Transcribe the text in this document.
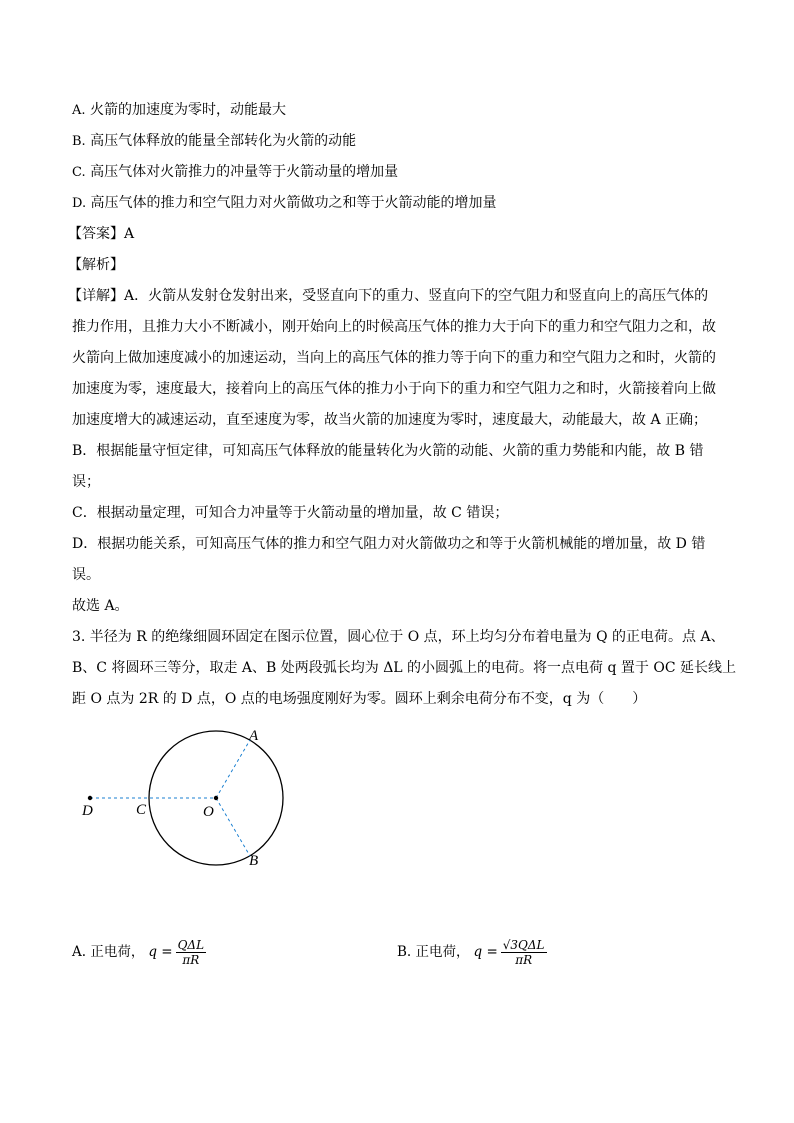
A. 火箭的加速度为零时，动能最大
B. 高压气体释放的能量全部转化为火箭的动能
C. 高压气体对火箭推力的冲量等于火箭动量的增加量
D. 高压气体的推力和空气阻力对火箭做功之和等于火箭动能的增加量
【答案】A
【解析】
【详解】A．火箭从发射仓发射出来，受竖直向下的重力、竖直向下的空气阻力和竖直向上的高压气体的
推力作用，且推力大小不断减小，刚开始向上的时候高压气体的推力大于向下的重力和空气阻力之和，故
火箭向上做加速度减小的加速运动，当向上的高压气体的推力等于向下的重力和空气阻力之和时，火箭的
加速度为零，速度最大，接着向上的高压气体的推力小于向下的重力和空气阻力之和时，火箭接着向上做
加速度增大的减速运动，直至速度为零，故当火箭的加速度为零时，速度最大，动能最大，故 A 正确；
B．根据能量守恒定律，可知高压气体释放的能量转化为火箭的动能、火箭的重力势能和内能，故 B 错
误；
C．根据动量定理，可知合力冲量等于火箭动量的增加量，故 C 错误；
D．根据功能关系，可知高压气体的推力和空气阻力对火箭做功之和等于火箭机械能的增加量，故 D 错
误。
故选 A。
3. 半径为 R 的绝缘细圆环固定在图示位置，圆心位于 O 点，环上均匀分布着电量为 Q 的正电荷。点 A、
B、C 将圆环三等分，取走 A、B 处两段弧长均为 ΔL 的小圆弧上的电荷。将一点电荷 q 置于 OC 延长线上
距 O 点为 2R 的 D 点，O 点的电场强度刚好为零。圆环上剩余电荷分布不变，q 为（　　）
D	C	O
A
B
A. 正电荷， $q = \frac{\text{QΔL}}{\pi R}$	B. 正电荷， $q = \frac{\text{√3QΔL}}{\pi R}$
